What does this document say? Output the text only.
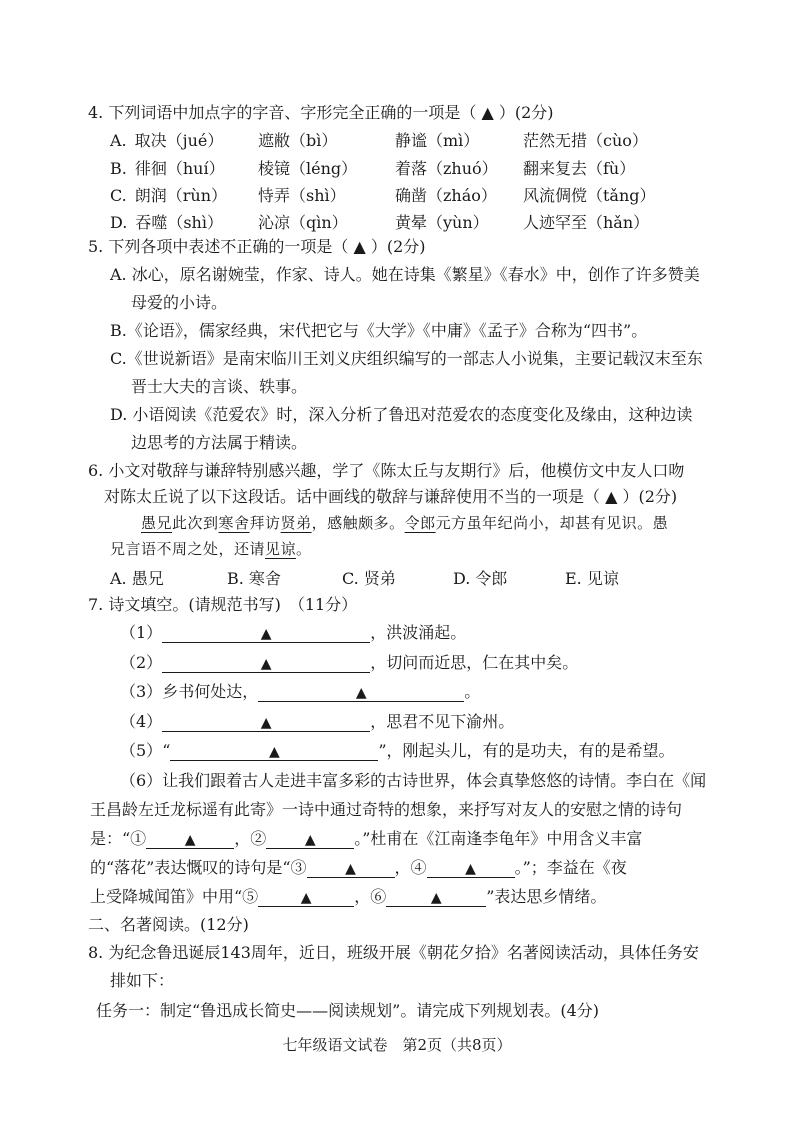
4. 下列词语中加点字的字音、字形完全正确的一项是（ ▲ ）(2分)
A. 取决（jué） 遮敝（bì）	静谧（mì）	茫然无措（cùo）
B. 徘徊（huí） 棱镜（léng） 着落（zhuó） 翻来复去（fù）
C. 朗润（rùn） 恃弄（shì）	确凿（zháo） 风流倜傥（tǎng）
D. 吞噬（shì） 沁凉（qìn）	黄晕（yùn） 人迹罕至（hǎn）
5. 下列各项中表述不正确的一项是（ ▲ ）(2分)
A. 冰心，原名谢婉莹，作家、诗人。她在诗集《繁星》《春水》中，创作了许多赞美
母爱的小诗。
B.《论语》，儒家经典，宋代把它与《大学》《中庸》《孟子》合称为“四书”。
C.《世说新语》是南宋临川王刘义庆组织编写的一部志人小说集，主要记载汉末至东
晋士大夫的言谈、轶事。
D. 小语阅读《范爱农》时，深入分析了鲁迅对范爱农的态度变化及缘由，这种边读
边思考的方法属于精读。
6. 小文对敬辞与谦辞特别感兴趣，学了《陈太丘与友期行》后，他模仿文中友人口吻
对陈太丘说了以下这段话。话中画线的敬辞与谦辞使用不当的一项是（ ▲ ）(2分)
愚兄此次到寒舍拜访贤弟，感触颇多。令郎元方虽年纪尚小，却甚有见识。愚
兄言语不周之处，还请见谅。
A. 愚兄	B. 寒舍	C. 贤弟	D. 令郎	E. 见谅
7. 诗文填空。(请规范书写)　（11分）
（1）	▲	，洪波涌起。
（2）	▲	，切问而近思，仁在其中矣。
（3）乡书何处达，	▲	。
（4）	▲	，思君不见下渝州。
（5）“	▲	”，刚起头儿，有的是功夫，有的是希望。
（6）让我们跟着古人走进丰富多彩的古诗世界，体会真挚悠悠的诗情。李白在《闻
王昌龄左迁龙标遥有此寄》一诗中通过奇特的想象，来抒写对友人的安慰之情的诗句
是：“①	▲ ，②	▲ 。”杜甫在《江南逢李龟年》中用含义丰富
的“落花”表达慨叹的诗句是“③	▲ ，④	▲ 。”；李益在《夜
上受降城闻笛》中用“⑤	▲	，⑥	▲	”表达思乡情绪。
二、名著阅读。(12分)
8. 为纪念鲁迅诞辰143周年，近日，班级开展《朝花夕拾》名著阅读活动，具体任务安
排如下：
任务一：制定“鲁迅成长简史——阅读规划”。请完成下列规划表。(4分)
七年级语文试卷　第2页（共8页）
